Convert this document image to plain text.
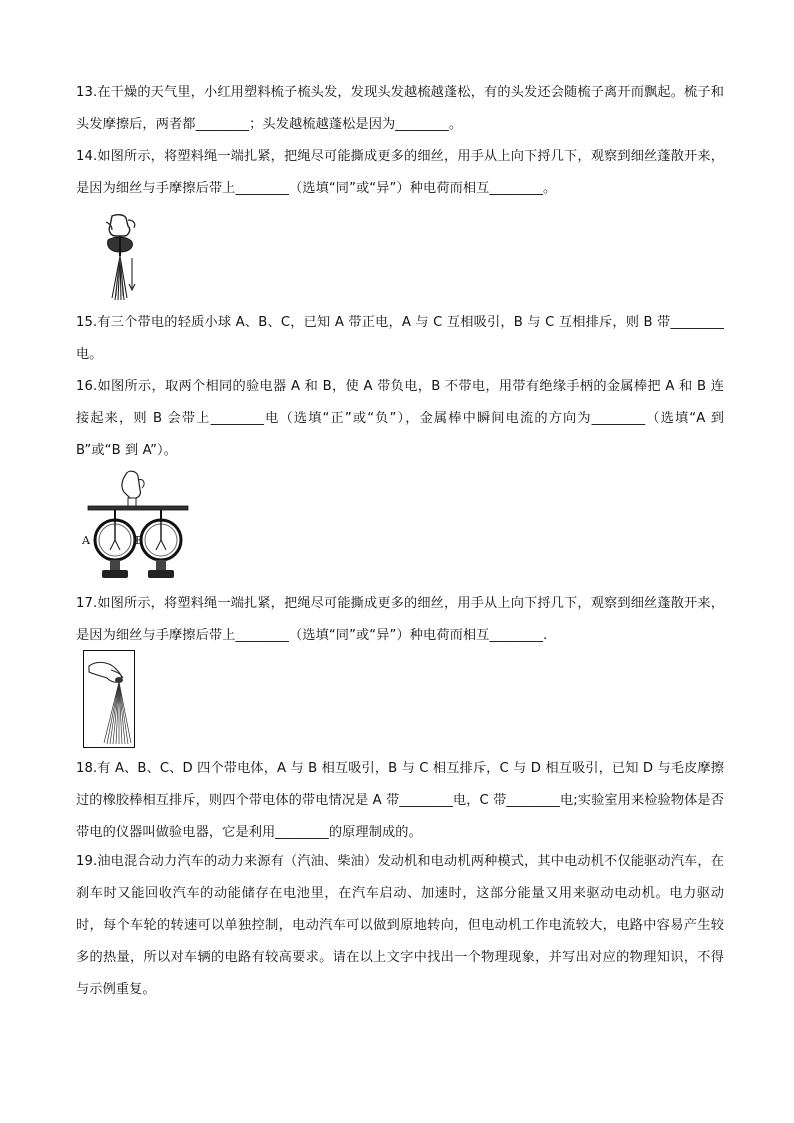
13.在干燥的天气里，小红用塑料梳子梳头发，发现头发越梳越蓬松，有的头发还会随梳子离开而飘起。梳子和头发摩擦后，两者都________；头发越梳越蓬松是因为________。
14.如图所示，将塑料绳一端扎紧，把绳尽可能撕成更多的细丝，用手从上向下捋几下，观察到细丝蓬散开来，是因为细丝与手摩擦后带上________（选填“同”或“异”）种电荷而相互________。
15.有三个带电的轻质小球 A、B、C，已知 A 带正电，A 与 C 互相吸引，B 与 C 互相排斥，则 B 带________电。
16.如图所示，取两个相同的验电器 A 和 B，使 A 带负电，B 不带电，用带有绝缘手柄的金属棒把 A 和 B 连接起来，则 B 会带上________电（选填“正”或“负”），金属棒中瞬间电流的方向为________（选填“A 到 B”或“B 到 A”）。
A	B
17.如图所示，将塑料绳一端扎紧，把绳尽可能撕成更多的细丝，用手从上向下捋几下，观察到细丝蓬散开来，是因为细丝与手摩擦后带上________（选填“同”或“异”）种电荷而相互________.
18.有 A、B、C、D 四个带电体，A 与 B 相互吸引，B 与 C 相互排斥，C 与 D 相互吸引，已知 D 与毛皮摩擦过的橡胶棒相互排斥，则四个带电体的带电情况是 A 带________电，C 带________电;实验室用来检验物体是否带电的仪器叫做验电器，它是利用________的原理制成的。
19.油电混合动力汽车的动力来源有（汽油、柴油）发动机和电动机两种模式，其中电动机不仅能驱动汽车，在刹车时又能回收汽车的动能储存在电池里，在汽车启动、加速时，这部分能量又用来驱动电动机。电力驱动时，每个车轮的转速可以单独控制，电动汽车可以做到原地转向，但电动机工作电流较大，电路中容易产生较多的热量，所以对车辆的电路有较高要求。请在以上文字中找出一个物理现象，并写出对应的物理知识，不得与示例重复。
